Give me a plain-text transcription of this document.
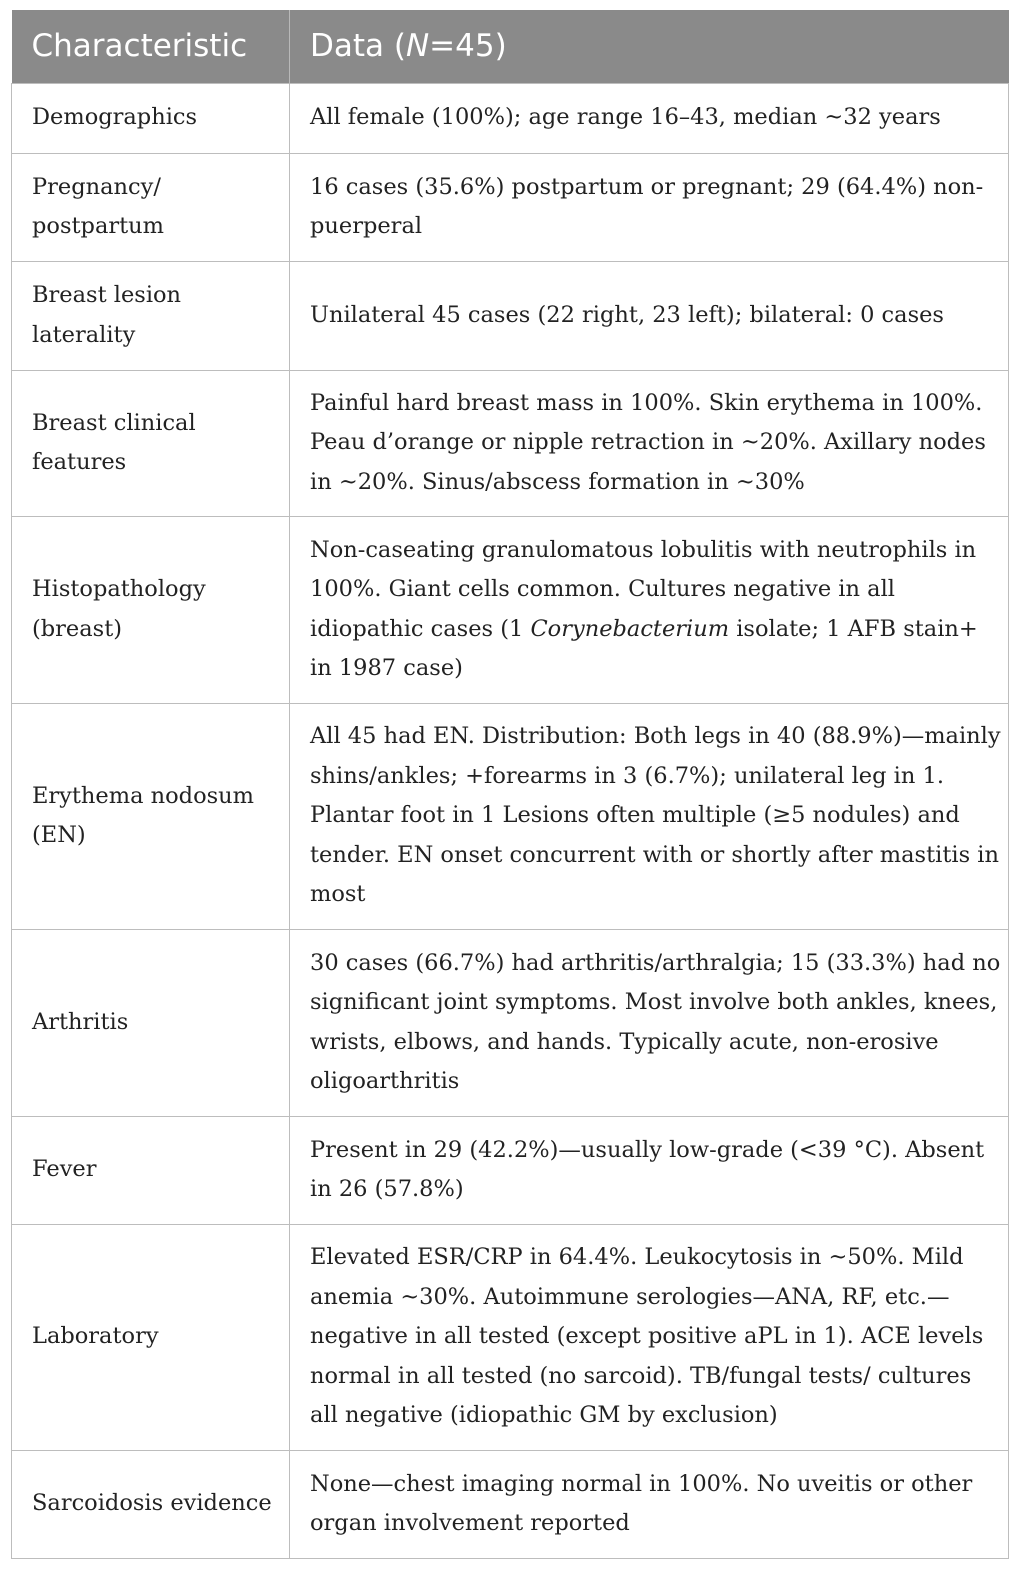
Characteristic	Data (N=45)
Demographics	All female (100%); age range 16–43, median ~32 years
Pregnancy/ postpartum	16 cases (35.6%) postpartum or pregnant; 29 (64.4%) non-puerperal
Breast lesion laterality	Unilateral 45 cases (22 right, 23 left); bilateral: 0 cases
Breast clinical features	Painful hard breast mass in 100%. Skin erythema in 100%. Peau d’orange or nipple retraction in ~20%. Axillary nodes in ~20%. Sinus/abscess formation in ~30%
Histopathology (breast)	Non-caseating granulomatous lobulitis with neutrophils in 100%. Giant cells common. Cultures negative in all idiopathic cases (1 Corynebacterium isolate; 1 AFB stain+ in 1987 case)
Erythema nodosum (EN)	All 45 had EN. Distribution: Both legs in 40 (88.9%)—mainly shins/ankles; +forearms in 3 (6.7%); unilateral leg in 1. Plantar foot in 1 Lesions often multiple (≥5 nodules) and tender. EN onset concurrent with or shortly after mastitis in most
Arthritis	30 cases (66.7%) had arthritis/arthralgia; 15 (33.3%) had no significant joint symptoms. Most involve both ankles, knees, wrists, elbows, and hands. Typically acute, non-erosive oligoarthritis
Fever	Present in 29 (42.2%)—usually low-grade (<39 °C). Absent in 26 (57.8%)
Laboratory	Elevated ESR/CRP in 64.4%. Leukocytosis in ~50%. Mild anemia ~30%. Autoimmune serologies—ANA, RF, etc.—negative in all tested (except positive aPL in 1). ACE levels normal in all tested (no sarcoid). TB/fungal tests/ cultures all negative (idiopathic GM by exclusion)
Sarcoidosis evidence	None—chest imaging normal in 100%. No uveitis or other organ involvement reported
